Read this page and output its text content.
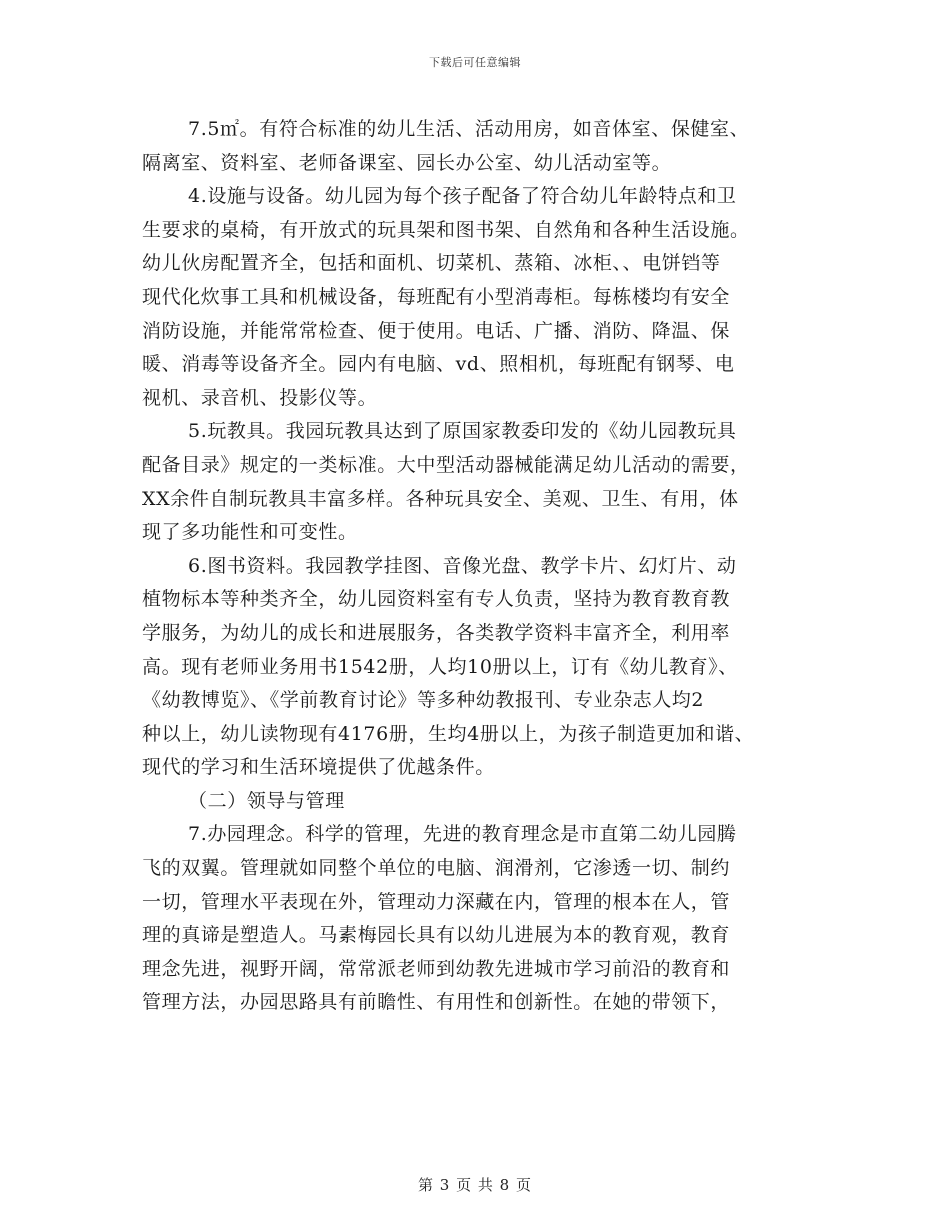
下载后可任意编辑
7.5㎡。有符合标准的幼儿生活、活动用房，如音体室、保健室、
隔离室、资料室、老师备课室、园长办公室、幼儿活动室等。
4.设施与设备。幼儿园为每个孩子配备了符合幼儿年龄特点和卫
生要求的桌椅，有开放式的玩具架和图书架、自然角和各种生活设施。
幼儿伙房配置齐全，包括和面机、切菜机、蒸箱、冰柜、、电饼铛等
现代化炊事工具和机械设备，每班配有小型消毒柜。每栋楼均有安全
消防设施，并能常常检查、便于使用。电话、广播、消防、降温、保
暖、消毒等设备齐全。园内有电脑、vd、照相机，每班配有钢琴、电
视机、录音机、投影仪等。
5.玩教具。我园玩教具达到了原国家教委印发的《幼儿园教玩具
配备目录》规定的一类标准。大中型活动器械能满足幼儿活动的需要，
XX余件自制玩教具丰富多样。各种玩具安全、美观、卫生、有用，体
现了多功能性和可变性。
6.图书资料。我园教学挂图、音像光盘、教学卡片、幻灯片、动
植物标本等种类齐全，幼儿园资料室有专人负责，坚持为教育教育教
学服务，为幼儿的成长和进展服务，各类教学资料丰富齐全，利用率
高。现有老师业务用书1542册，人均10册以上，订有《幼儿教育》、
《幼教博览》、《学前教育讨论》等多种幼教报刊、专业杂志人均2
种以上，幼儿读物现有4176册，生均4册以上，为孩子制造更加和谐、
现代的学习和生活环境提供了优越条件。
（二）领导与管理
7.办园理念。科学的管理，先进的教育理念是市直第二幼儿园腾
飞的双翼。管理就如同整个单位的电脑、润滑剂，它渗透一切、制约
一切，管理水平表现在外，管理动力深藏在内，管理的根本在人，管
理的真谛是塑造人。马素梅园长具有以幼儿进展为本的教育观，教育
理念先进，视野开阔，常常派老师到幼教先进城市学习前沿的教育和
管理方法，办园思路具有前瞻性、有用性和创新性。在她的带领下，
第 3 页 共 8 页
